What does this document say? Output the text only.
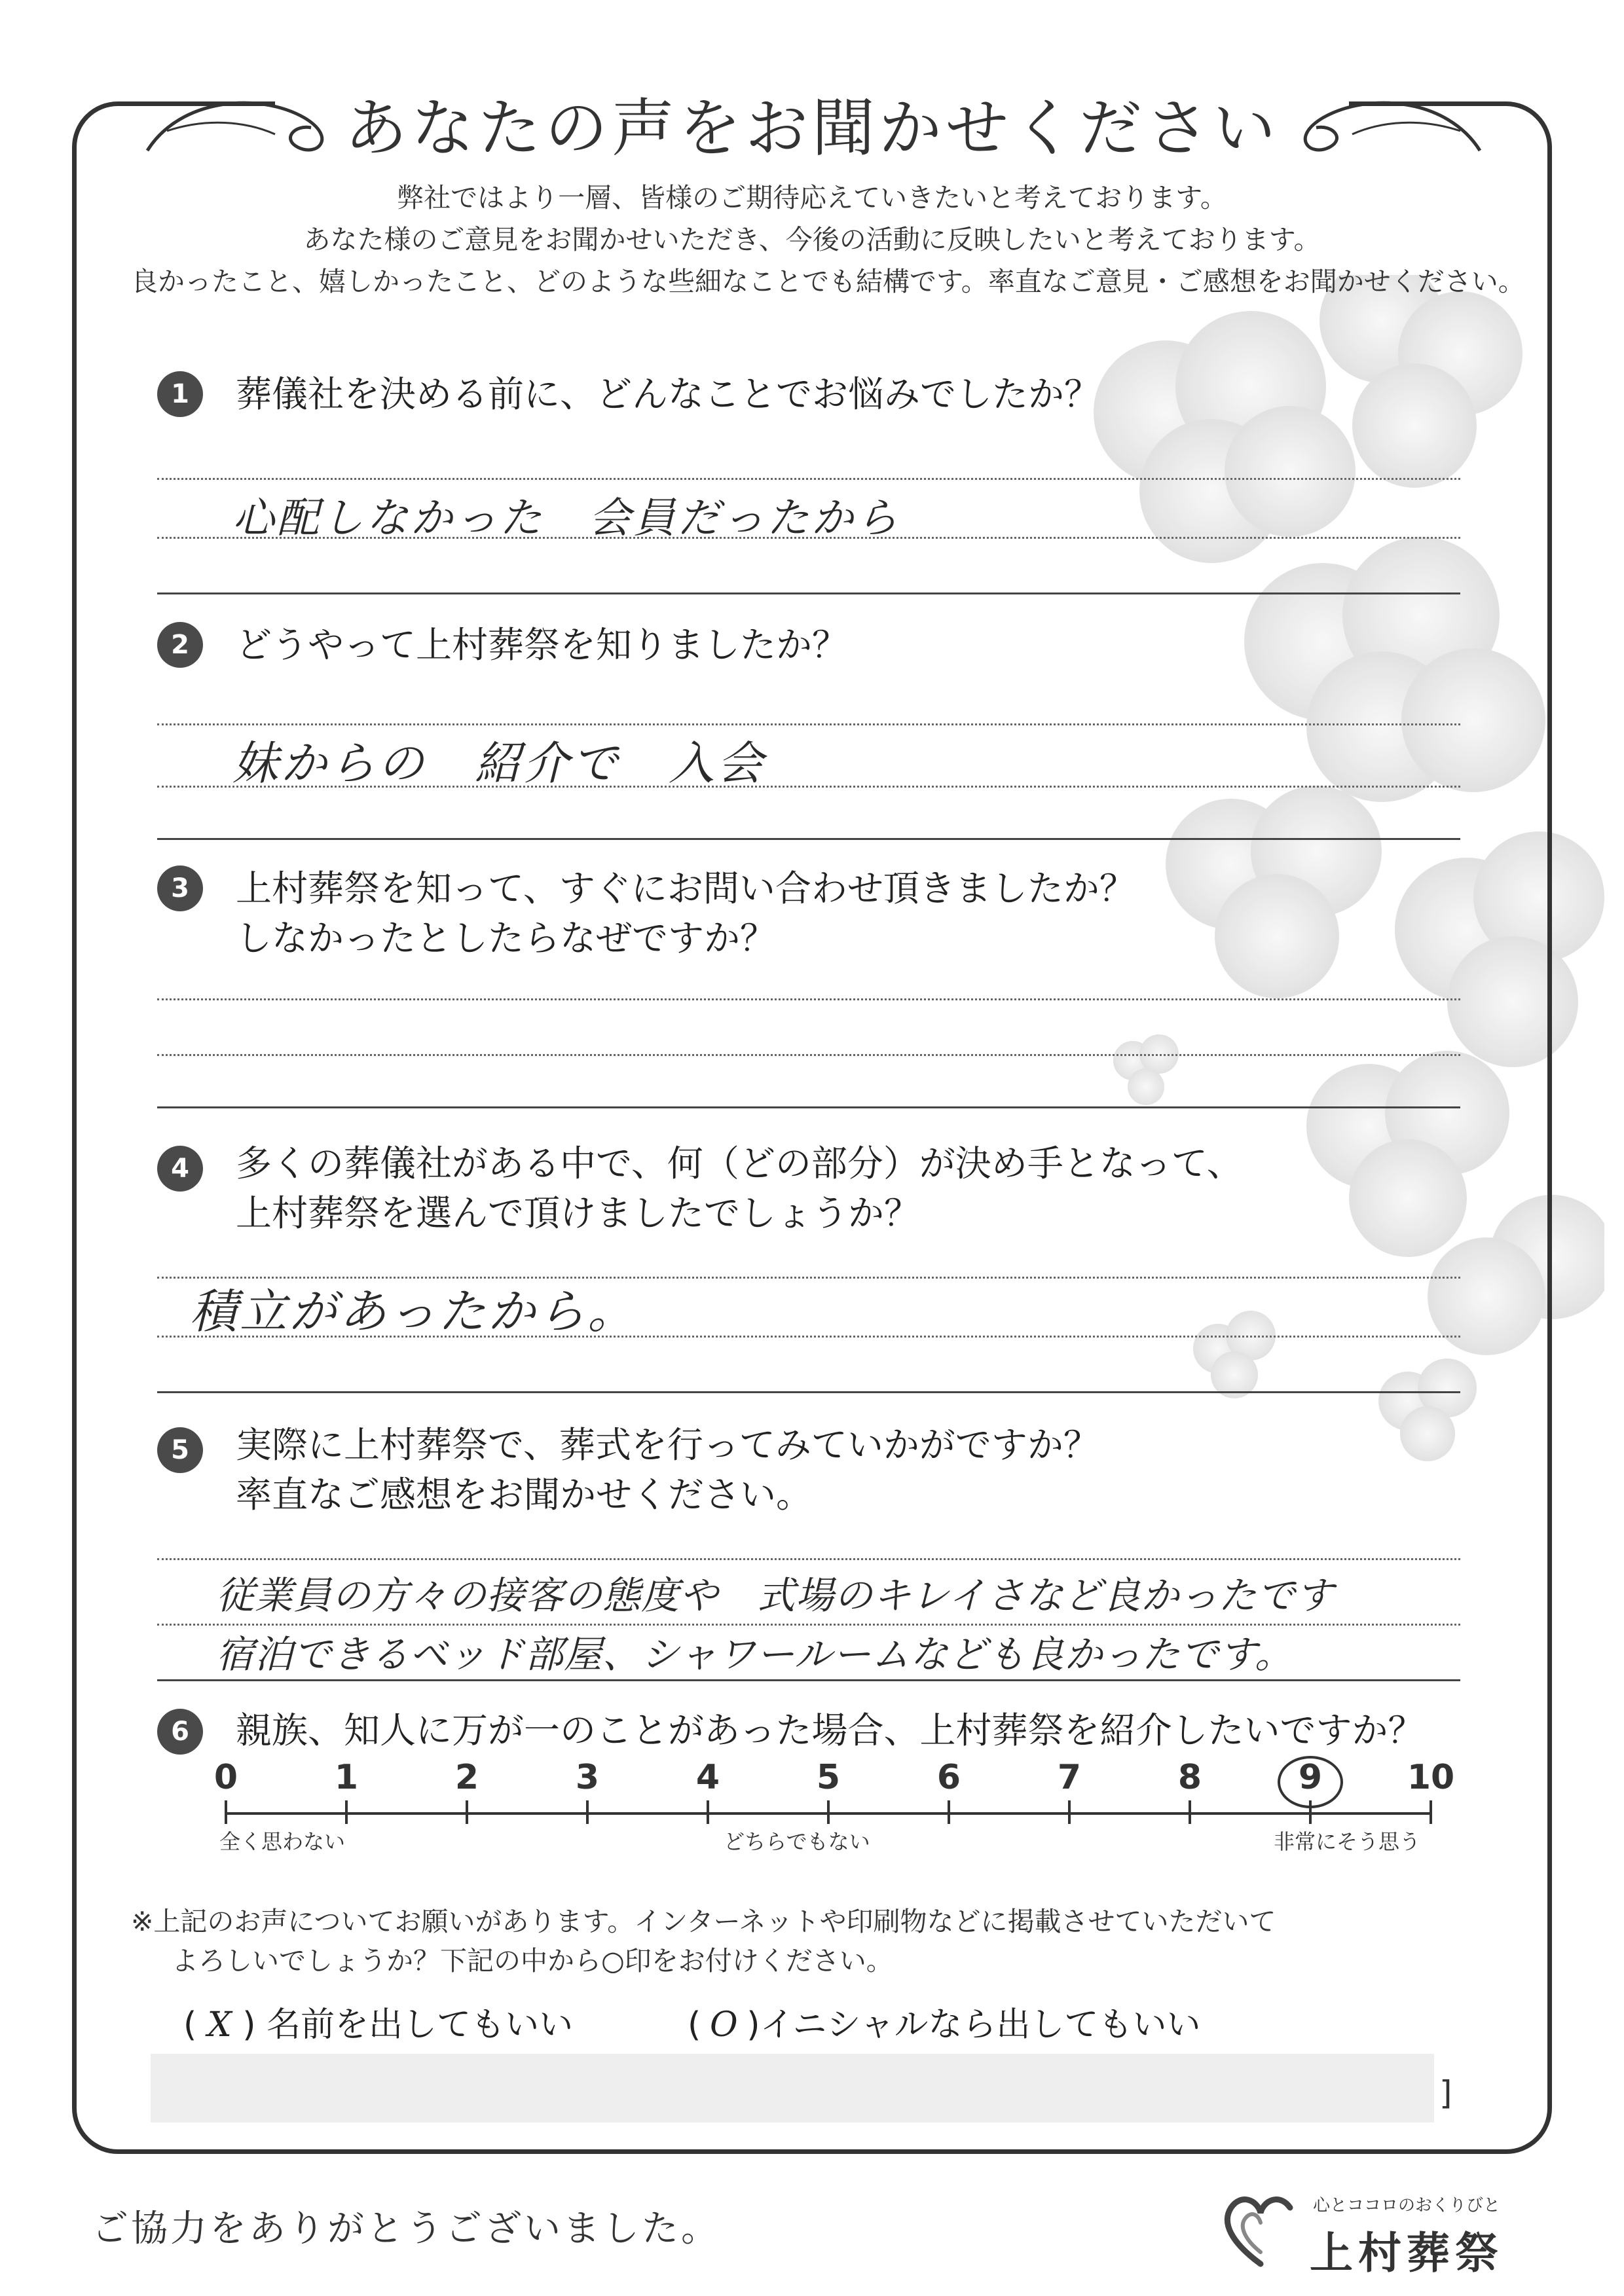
あなたの声をお聞かせください
弊社ではより一層、皆様のご期待応えていきたいと考えております。
あなた様のご意見をお聞かせいただき、今後の活動に反映したいと考えております。
良かったこと、嬉しかったこと、どのような些細なことでも結構です。率直なご意見・ご感想をお聞かせください。
1	葬儀社を決める前に、どんなことでお悩みでしたか？
心配しなかった　会員だったから
2	どうやって上村葬祭を知りましたか？
妹からの　紹介で　入会
3	上村葬祭を知って、すぐにお問い合わせ頂きましたか？
しなかったとしたらなぜですか？
4	多くの葬儀社がある中で、何（どの部分）が決め手となって、
上村葬祭を選んで頂けましたでしょうか？
積立があったから。
5	実際に上村葬祭で、葬式を行ってみていかがですか？
率直なご感想をお聞かせください。
従業員の方々の接客の態度や　式場のキレイさなど良かったです
宿泊できるベッド部屋、シャワールームなども良かったです。
6	親族、知人に万が一のことがあった場合、上村葬祭を紹介したいですか？
0	1	2	3	4	5	6	7	8	9	10
全く思わない	どちらでもない	非常にそう思う
※上記のお声についてお願いがあります。インターネットや印刷物などに掲載させていただいて
よろしいでしょうか？下記の中から○印をお付けください。
( X ) 名前を出してもいい	( O )イニシャルなら出してもいい
]
ご協力をありがとうございました。
心とココロのおくりびと
上村葬祭
